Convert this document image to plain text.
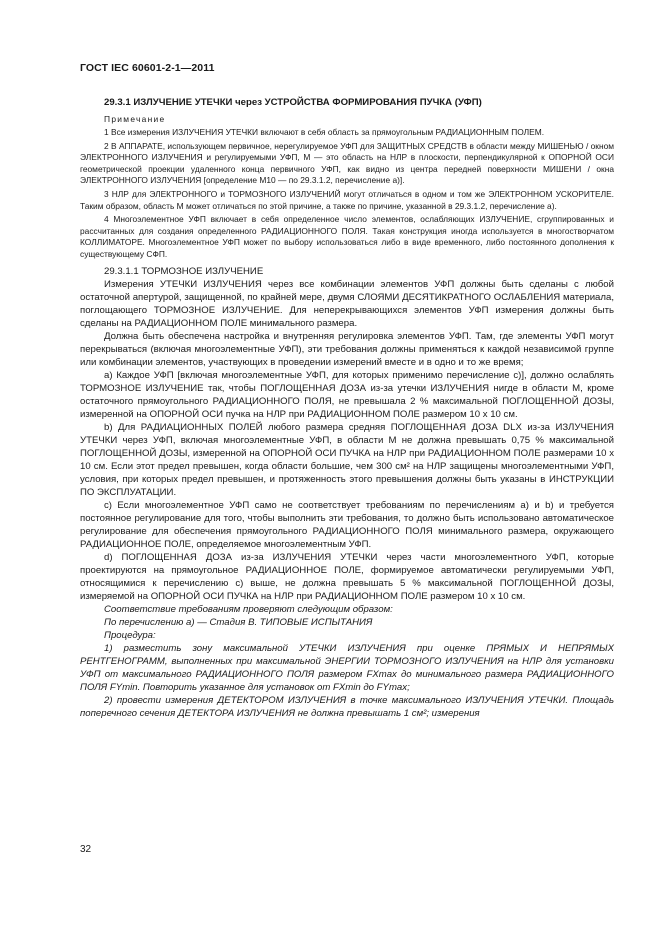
ГОСТ IEC 60601-2-1—2011

29.3.1 ИЗЛУЧЕНИЕ УТЕЧКИ через УСТРОЙСТВА ФОРМИРОВАНИЯ ПУЧКА (УФП)

Примечание

1 Все измерения ИЗЛУЧЕНИЯ УТЕЧКИ включают в себя область за прямоугольным РАДИАЦИОННЫМ ПОЛЕМ.

2 В АППАРАТЕ, использующем первичное, нерегулируемое УФП для ЗАЩИТНЫХ СРЕДСТВ в области между МИШЕНЬЮ / окном ЭЛЕКТРОННОГО ИЗЛУЧЕНИЯ и регулируемыми УФП, M — это область на НЛР в плоскости, перпендикулярной к ОПОРНОЙ ОСИ геометрической проекции удаленного конца первичного УФП, как видно из центра передней поверхности МИШЕНИ / окна ЭЛЕКТРОННОГО ИЗЛУЧЕНИЯ [определение M10 — по 29.3.1.2, перечисление a)].

3 НЛР для ЭЛЕКТРОННОГО и ТОРМОЗНОГО ИЗЛУЧЕНИЙ могут отличаться в одном и том же ЭЛЕКТРОННОМ УСКОРИТЕЛЕ. Таким образом, область M может отличаться по этой причине, а также по причине, указанной в 29.3.1.2, перечисление a).

4 Многоэлементное УФП включает в себя определенное число элементов, ослабляющих ИЗЛУЧЕНИЕ, сгруппированных и рассчитанных для создания определенного РАДИАЦИОННОГО ПОЛЯ. Такая конструкция иногда используется в многостворчатом КОЛЛИМАТОРЕ. Многоэлементное УФП может по выбору использоваться либо в виде временного, либо постоянного дополнения к существующему СФП.

29.3.1.1 ТОРМОЗНОЕ ИЗЛУЧЕНИЕ

Измерения УТЕЧКИ ИЗЛУЧЕНИЯ через все комбинации элементов УФП должны быть сделаны с любой остаточной апертурой, защищенной, по крайней мере, двумя СЛОЯМИ ДЕСЯТИКРАТНОГО ОСЛАБЛЕНИЯ материала, поглощающего ТОРМОЗНОЕ ИЗЛУЧЕНИЕ. Для неперекрывающихся элементов УФП измерения должны быть сделаны на РАДИАЦИОННОМ ПОЛЕ минимального размера.

Должна быть обеспечена настройка и внутренняя регулировка элементов УФП. Там, где элементы УФП могут перекрываться (включая многоэлементные УФП), эти требования должны применяться к каждой независимой группе или комбинации элементов, участвующих в проведении измерений вместе и в одно и то же время;

a) Каждое УФП [включая многоэлементные УФП, для которых применимо перечисление c)], должно ослаблять ТОРМОЗНОЕ ИЗЛУЧЕНИЕ так, чтобы ПОГЛОЩЕННАЯ ДОЗА из-за утечки ИЗЛУЧЕНИЯ нигде в области M, кроме остаточного прямоугольного РАДИАЦИОННОГО ПОЛЯ, не превышала 2 % максимальной ПОГЛОЩЕННОЙ ДОЗЫ, измеренной на ОПОРНОЙ ОСИ пучка на НЛР при РАДИАЦИОННОМ ПОЛЕ размером 10 х 10 см.

b) Для РАДИАЦИОННЫХ ПОЛЕЙ любого размера средняя ПОГЛОЩЕННАЯ ДОЗА DLX из-за ИЗЛУЧЕНИЯ УТЕЧКИ через УФП, включая многоэлементные УФП, в области M не должна превышать 0,75 % максимальной ПОГЛОЩЕННОЙ ДОЗЫ, измеренной на ОПОРНОЙ ОСИ ПУЧКА на НЛР при РАДИАЦИОННОМ ПОЛЕ размерами 10 х 10 см. Если этот предел превышен, когда области большие, чем 300 см² на НЛР защищены многоэлементными УФП, условия, при которых предел превышен, и протяженность этого превышения должны быть указаны в ИНСТРУКЦИИ ПО ЭКСПЛУАТАЦИИ.

c) Если многоэлементное УФП само не соответствует требованиям по перечислениям a) и b) и требуется постоянное регулирование для того, чтобы выполнить эти требования, то должно быть использовано автоматическое регулирование для обеспечения прямоугольного РАДИАЦИОННОГО ПОЛЯ минимального размера, окружающего РАДИАЦИОННОЕ ПОЛЕ, определяемое многоэлементным УФП.

d) ПОГЛОЩЕННАЯ ДОЗА из-за ИЗЛУЧЕНИЯ УТЕЧКИ через части многоэлементного УФП, которые проектируются на прямоугольное РАДИАЦИОННОЕ ПОЛЕ, формируемое автоматически регулируемыми УФП, относящимися к перечислению c) выше, не должна превышать 5 % максимальной ПОГЛОЩЕННОЙ ДОЗЫ, измеряемой на ОПОРНОЙ ОСИ ПУЧКА на НЛР при РАДИАЦИОННОМ ПОЛЕ размером 10 х 10 см.

Соответствие требованиям проверяют следующим образом:

По перечислению a) — Стадия В. ТИПОВЫЕ ИСПЫТАНИЯ

Процедура:

1) разместить зону максимальной УТЕЧКИ ИЗЛУЧЕНИЯ при оценке ПРЯМЫХ И НЕПРЯМЫХ РЕНТГЕНОГРАММ, выполненных при максимальной ЭНЕРГИИ ТОРМОЗНОГО ИЗЛУЧЕНИЯ на НЛР для установки УФП от максимального РАДИАЦИОННОГО ПОЛЯ размером FXmax до минимального размера РАДИАЦИОННОГО ПОЛЯ FYmin. Повторить указанное для установок от FXmin до FYmax;

2) провести измерения ДЕТЕКТОРОМ ИЗЛУЧЕНИЯ в точке максимального ИЗЛУЧЕНИЯ УТЕЧКИ. Площадь поперечного сечения ДЕТЕКТОРА ИЗЛУЧЕНИЯ не должна превышать 1 см²; измерения

32
